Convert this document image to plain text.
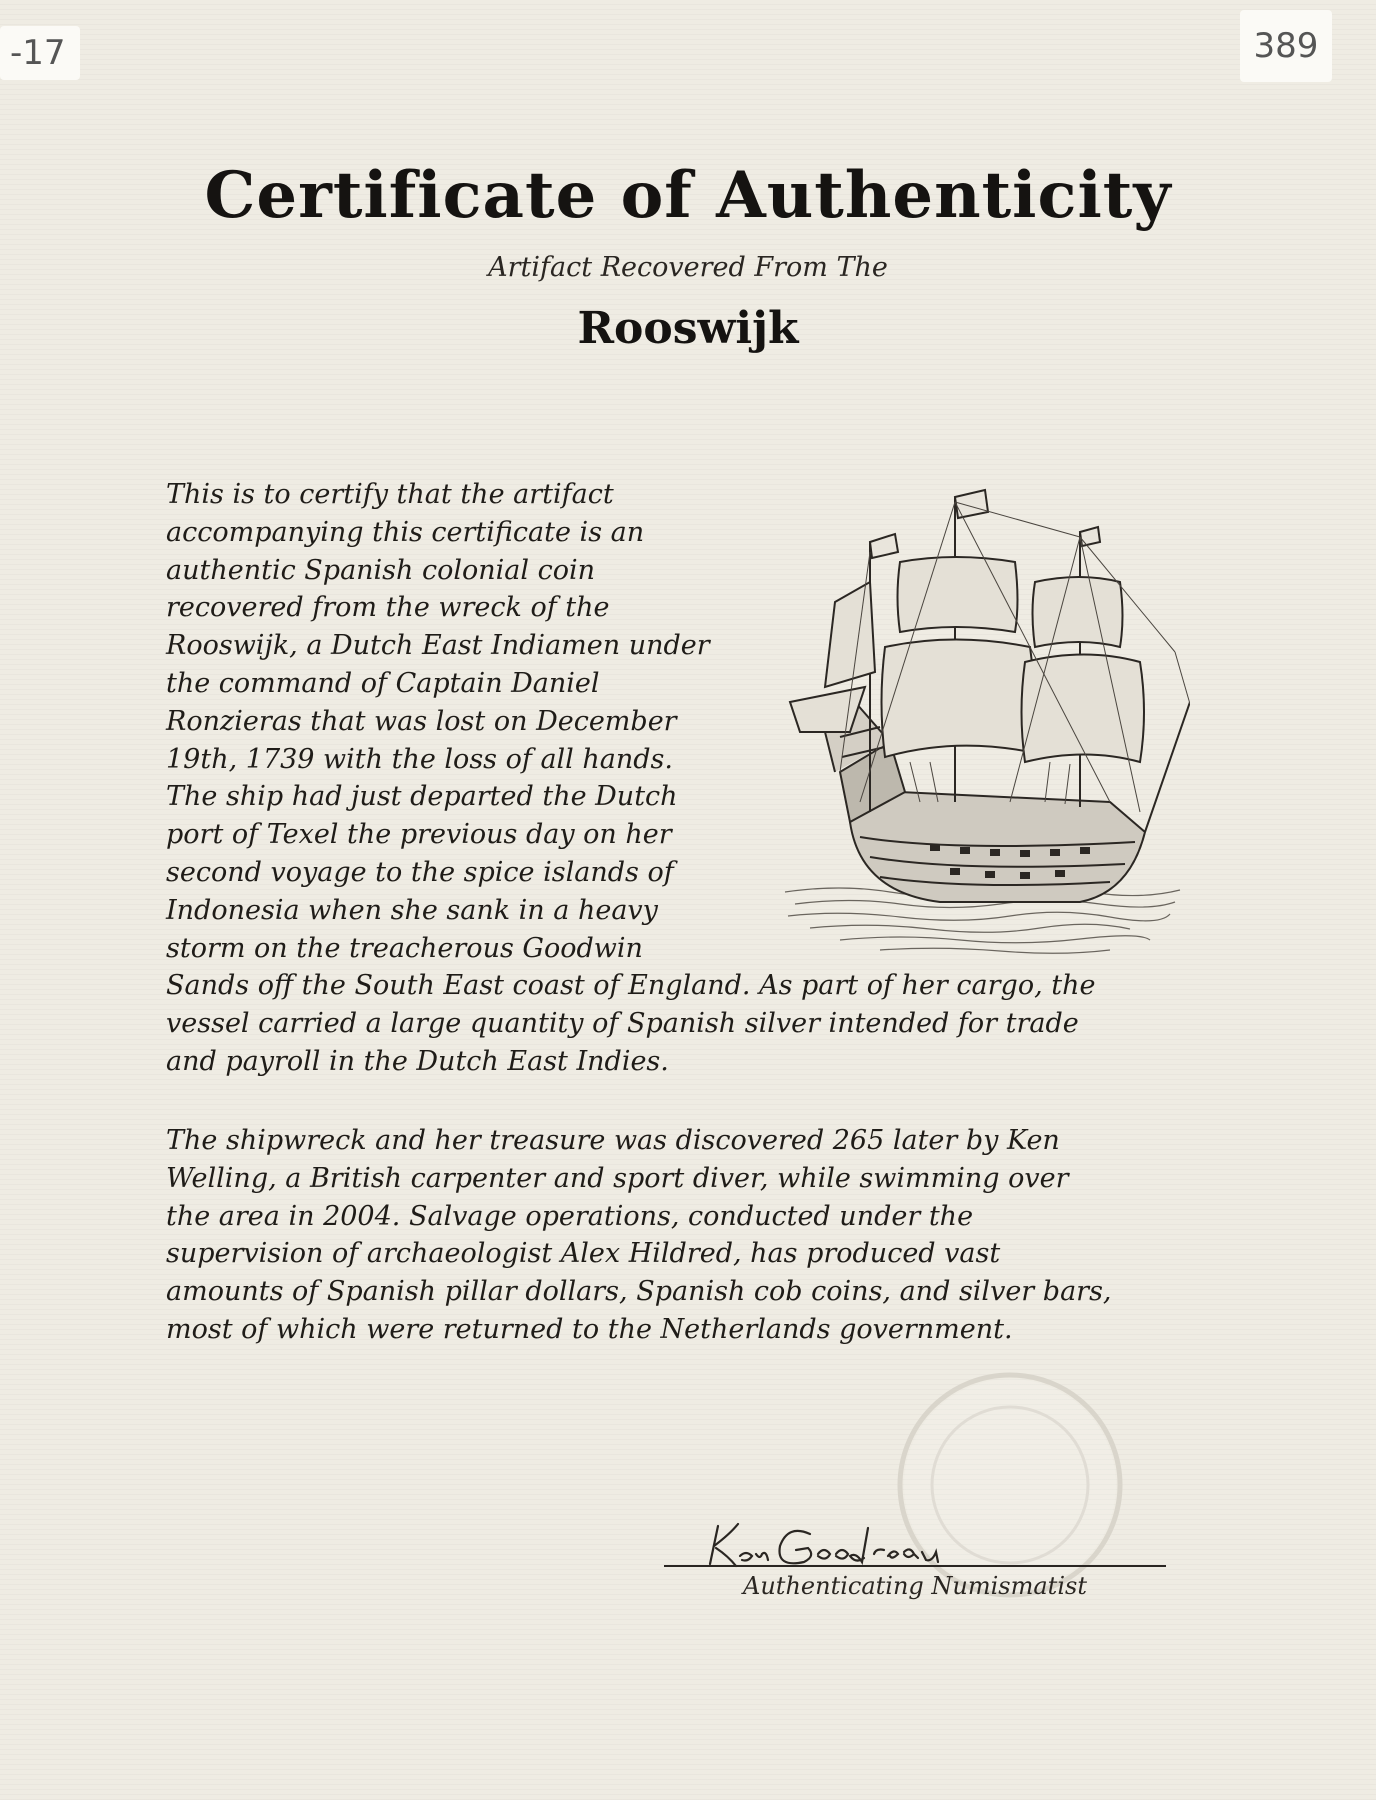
-17	389
Certificate of Authenticity
Artifact Recovered From The
Rooswijk
This is to certify that the artifact
accompanying this certificate is an
authentic Spanish colonial coin
recovered from the wreck of the
Rooswijk, a Dutch East Indiamen under
the command of Captain Daniel
Ronzieras that was lost on December
19th, 1739 with the loss of all hands.
The ship had just departed the Dutch
port of Texel the previous day on her
second voyage to the spice islands of
Indonesia when she sank in a heavy
storm on the treacherous Goodwin
Sands off the South East coast of England. As part of her cargo, the
vessel carried a large quantity of Spanish silver intended for trade
and payroll in the Dutch East Indies.
The shipwreck and her treasure was discovered 265 later by Ken
Welling, a British carpenter and sport diver, while swimming over
the area in 2004. Salvage operations, conducted under the
supervision of archaeologist Alex Hildred, has produced vast
amounts of Spanish pillar dollars, Spanish cob coins, and silver bars,
most of which were returned to the Netherlands government.
Authenticating Numismatist
